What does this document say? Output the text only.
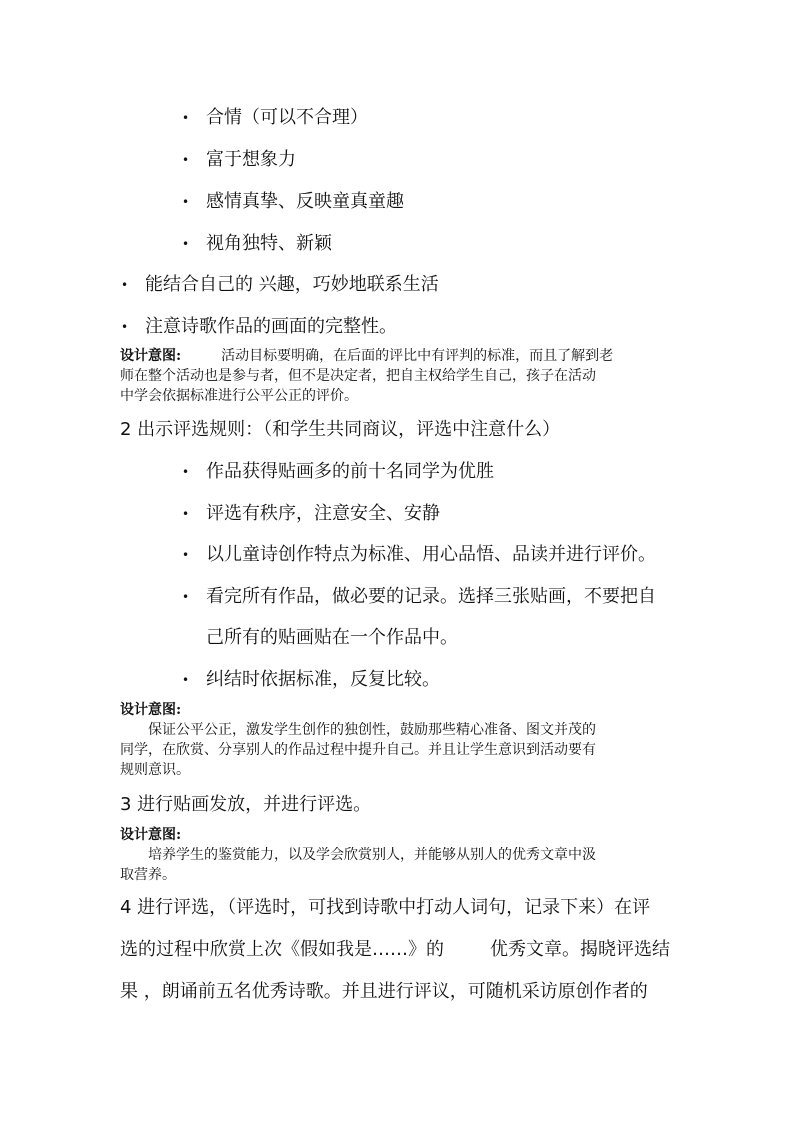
• 合情（可以不合理）
• 富于想象力
• 感情真挚、反映童真童趣
• 视角独特、新颖
• 能结合自己的 兴趣，巧妙地联系生活
• 注意诗歌作品的画面的完整性。
设计意图:	活动目标要明确，在后面的评比中有评判的标准，而且了解到老
师在整个活动也是参与者，但不是决定者，把自主权给学生自己，孩子在活动
中学会依据标准进行公平公正的评价。
2 出示评选规则：（和学生共同商议，评选中注意什么）
• 作品获得贴画多的前十名同学为优胜
• 评选有秩序，注意安全、安静
• 以儿童诗创作特点为标准、用心品悟、品读并进行评价。
• 看完所有作品，做必要的记录。选择三张贴画，不要把自
己所有的贴画贴在一个作品中。
• 纠结时依据标准，反复比较。
设计意图:
保证公平公正，激发学生创作的独创性，鼓励那些精心准备、图文并茂的
同学，在欣赏、分享别人的作品过程中提升自己。并且让学生意识到活动要有
规则意识。
3 进行贴画发放，并进行评选。
设计意图:
培养学生的鉴赏能力，以及学会欣赏别人，并能够从别人的优秀文章中汲
取营养。
4 进行评选，（评选时，可找到诗歌中打动人词句，记录下来）在评
选的过程中欣赏上次《假如我是……》的	优秀文章。揭晓评选结
果 ，朗诵前五名优秀诗歌。并且进行评议，可随机采访原创作者的
